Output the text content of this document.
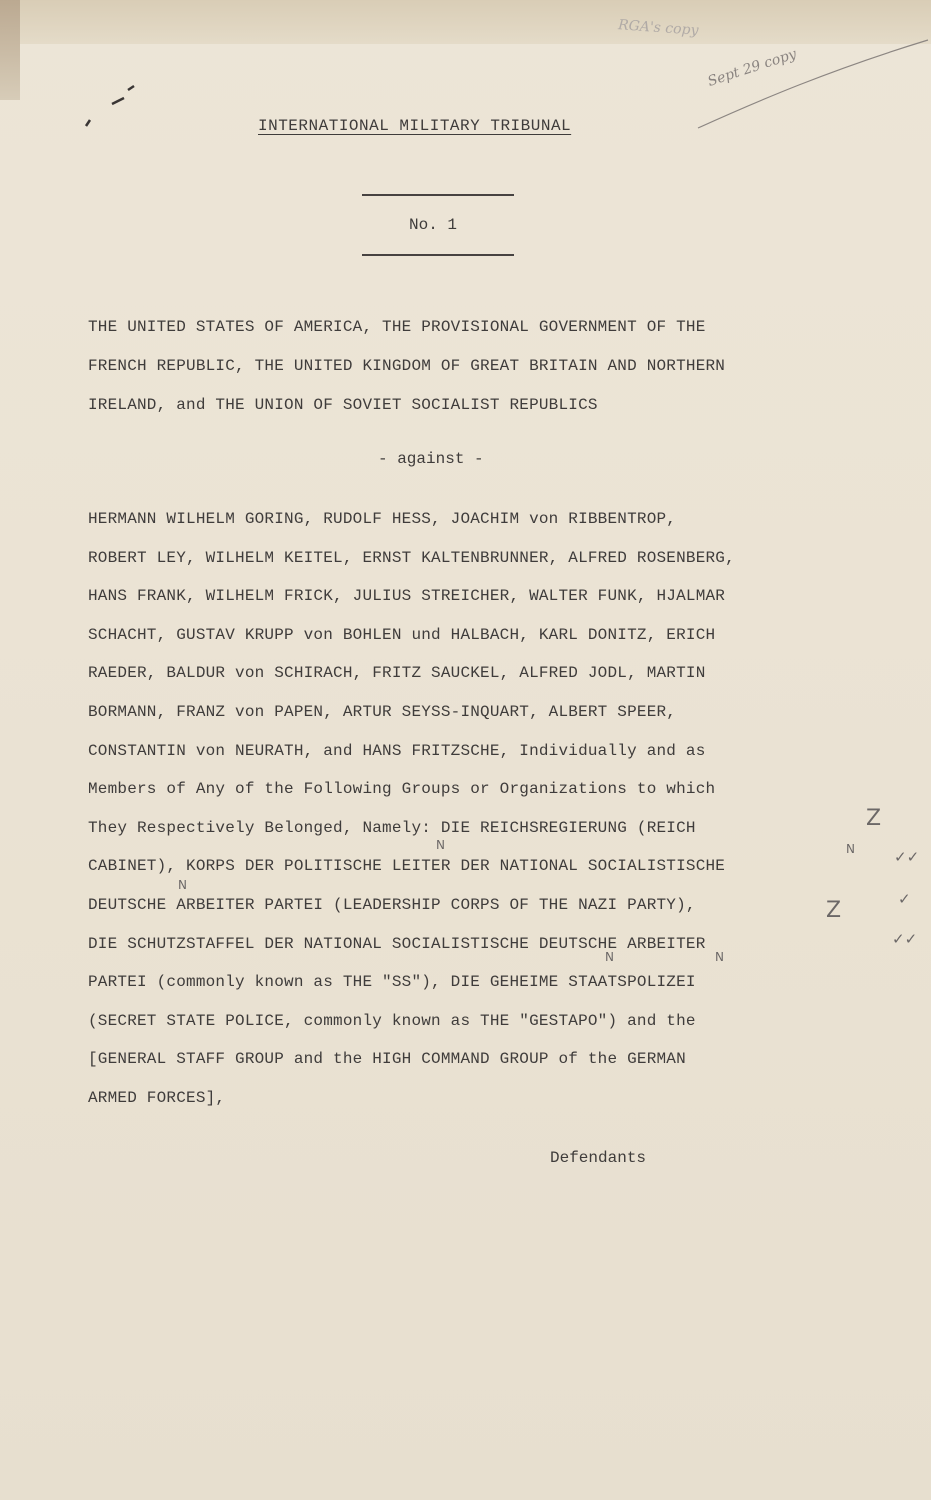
RGA's copy
Sept 29 copy
INTERNATIONAL MILITARY TRIBUNAL
No. 1
THE UNITED STATES OF AMERICA, THE PROVISIONAL GOVERNMENT OF THE
FRENCH REPUBLIC, THE UNITED KINGDOM OF GREAT BRITAIN AND NORTHERN
IRELAND, and THE UNION OF SOVIET SOCIALIST REPUBLICS
- against -
HERMANN WILHELM GORING, RUDOLF HESS, JOACHIM von RIBBENTROP,
ROBERT LEY, WILHELM KEITEL, ERNST KALTENBRUNNER, ALFRED ROSENBERG,
HANS FRANK, WILHELM FRICK, JULIUS STREICHER, WALTER FUNK, HJALMAR
SCHACHT, GUSTAV KRUPP von BOHLEN und HALBACH, KARL DONITZ, ERICH
RAEDER, BALDUR von SCHIRACH, FRITZ SAUCKEL, ALFRED JODL, MARTIN
BORMANN, FRANZ von PAPEN, ARTUR SEYSS-INQUART, ALBERT SPEER,
CONSTANTIN von NEURATH, and HANS FRITZSCHE, Individually and as
Members of Any of the Following Groups or Organizations to which
They Respectively Belonged, Namely: DIE REICHSREGIERUNG (REICH
CABINET), KORPS DER POLITISCHE LEITER DER NATIONAL SOCIALISTISCHE
DEUTSCHE ARBEITER PARTEI (LEADERSHIP CORPS OF THE NAZI PARTY),
DIE SCHUTZSTAFFEL DER NATIONAL SOCIALISTISCHE DEUTSCHE ARBEITER
PARTEI (commonly known as THE "SS"), DIE GEHEIME STAATSPOLIZEI
(SECRET STATE POLICE, commonly known as THE "GESTAPO") and the
[GENERAL STAFF GROUP and the HIGH COMMAND GROUP of the GERMAN
ARMED FORCES],
Z
Z
✓✓
✓
✓✓
N	N
N
N	N
Defendants
